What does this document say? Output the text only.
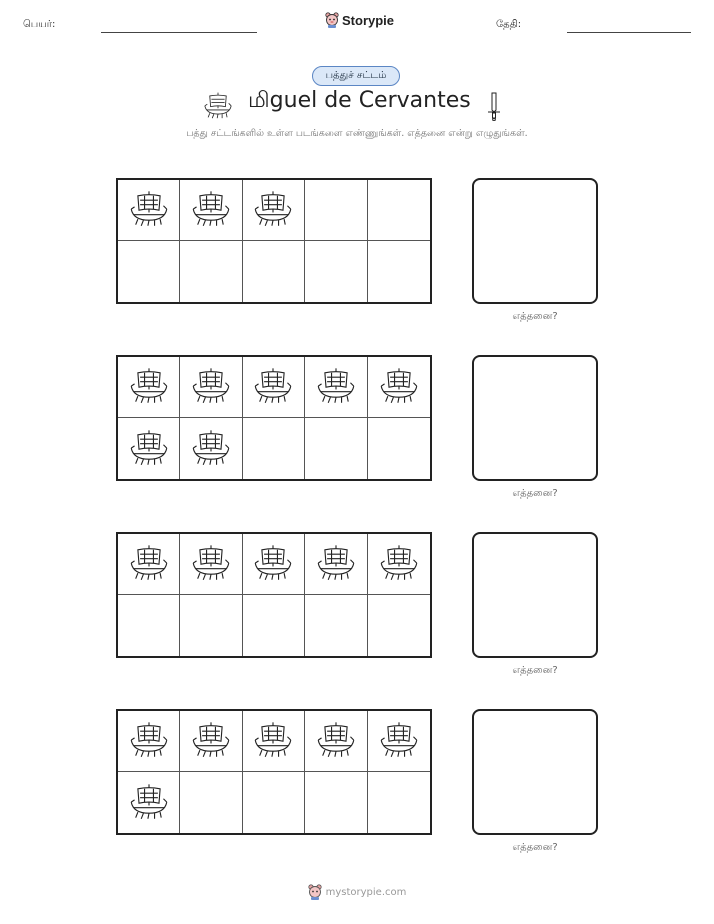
பெயர்:	Storypie	தேதி:
பத்துச் சட்டம்
மிguel de Cervantes
பத்து சட்டங்களில் உள்ள படங்களை எண்ணுங்கள். எத்தனை என்று எழுதுங்கள்.
எத்தனை?
எத்தனை?
எத்தனை?
எத்தனை?
mystorypie.com
